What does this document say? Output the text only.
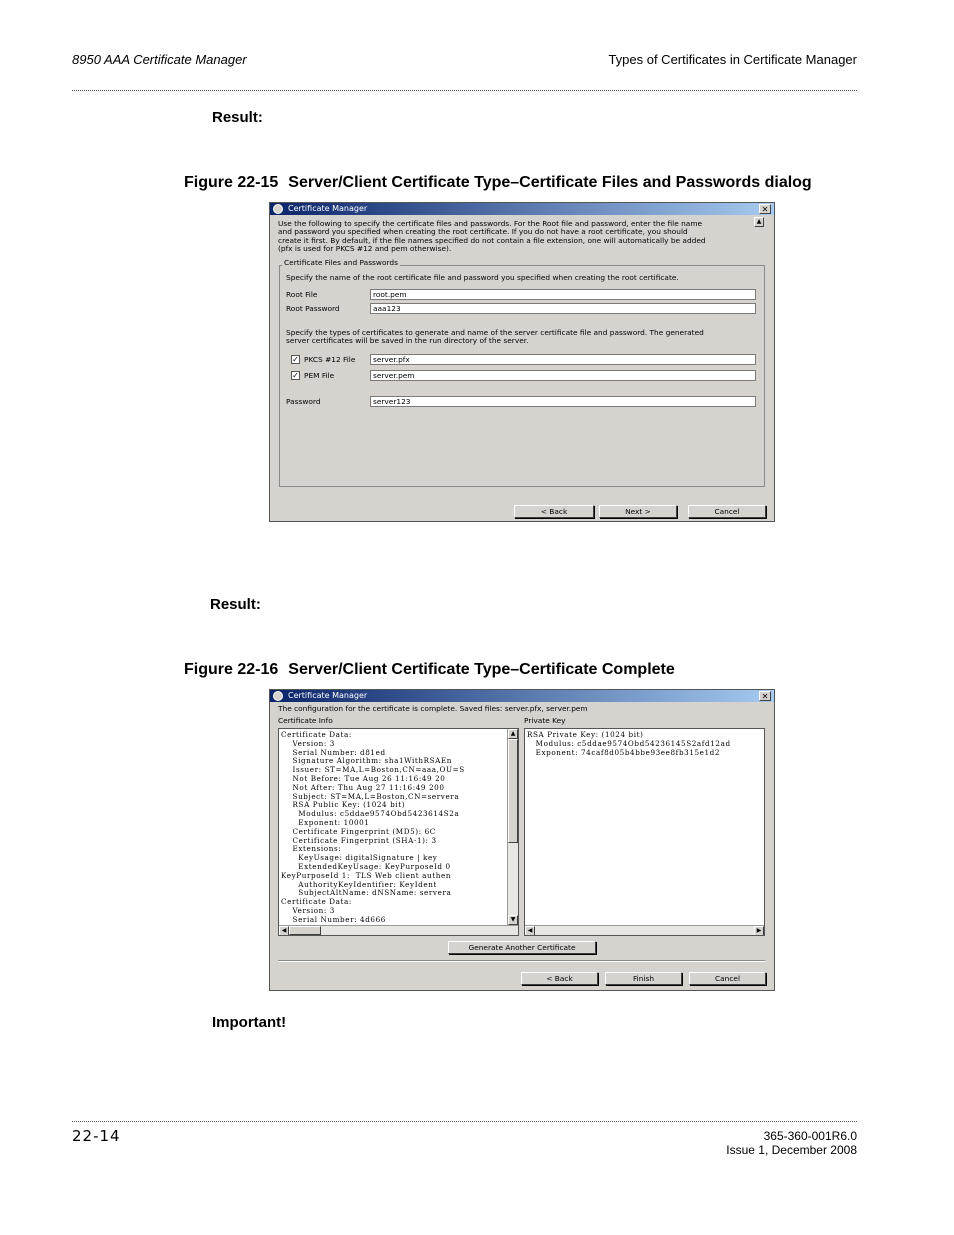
8950 AAA Certificate Manager	Types of Certificates in Certificate Manager
Result:
Figure 22-15 Server/Client Certificate Type–Certificate Files and Passwords dialog
Certificate Manager	✕
Use the following to specify the certificate files and passwords. For the Root file and password, enter the file name
and password you specified when creating the root certificate. If you do not have a root certificate, you should
create it first. By default, if the file names specified do not contain a file extension, one will automatically be added
(pfx is used for PKCS #12 and pem otherwise).
▲
Certificate Files and Passwords
Specify the name of the root certificate file and password you specified when creating the root certificate.
Root File	root.pem
Root Password	aaa123
Specify the types of certificates to generate and name of the server certificate file and password. The generated
server certificates will be saved in the run directory of the server.
✓ PKCS #12 File	server.pfx
✓ PEM File	server.pem
Password	server123
< Back	Next >	Cancel
Result:
Figure 22-16 Server/Client Certificate Type–Certificate Complete
Certificate Manager	✕
The configuration for the certificate is complete. Saved files: server.pfx, server.pem
Certificate Info	Private Key
Certificate Data:
Version: 3
Serial Number: d81ed
Signature Algorithm: sha1WithRSAEn
Issuer: ST=MA,L=Boston,CN=aaa,OU=S
Not Before: Tue Aug 26 11:16:49 20
Not After: Thu Aug 27 11:16:49 200
Subject: ST=MA,L=Boston,CN=servera
RSA Public Key: (1024 bit)
Modulus: c5ddae9574Obd5423614S2a
Exponent: 10001
Certificate Fingerprint (MD5): 6C
Certificate Fingerprint (SHA-1): 3
Extensions:
KeyUsage: digitalSignature | key
ExtendedKeyUsage: KeyPurposeId 0
KeyPurposeId 1:  TLS Web client authen
AuthorityKeyIdentifier: KeyIdent
SubjectAltName: dNSName: servera
Certificate Data:
Version: 3
Serial Number: 4d666
▲
▼
◀
RSA Private Key: (1024 bit)
Modulus: c5ddae9574Obd54236145S2afd12ad
Exponent: 74caf8d05b4bbe93ee8fb315e1d2
◀	▶
Generate Another Certificate
< Back	Finish	Cancel
Important!
22-14	365-360-001R6.0
Issue 1, December 2008
